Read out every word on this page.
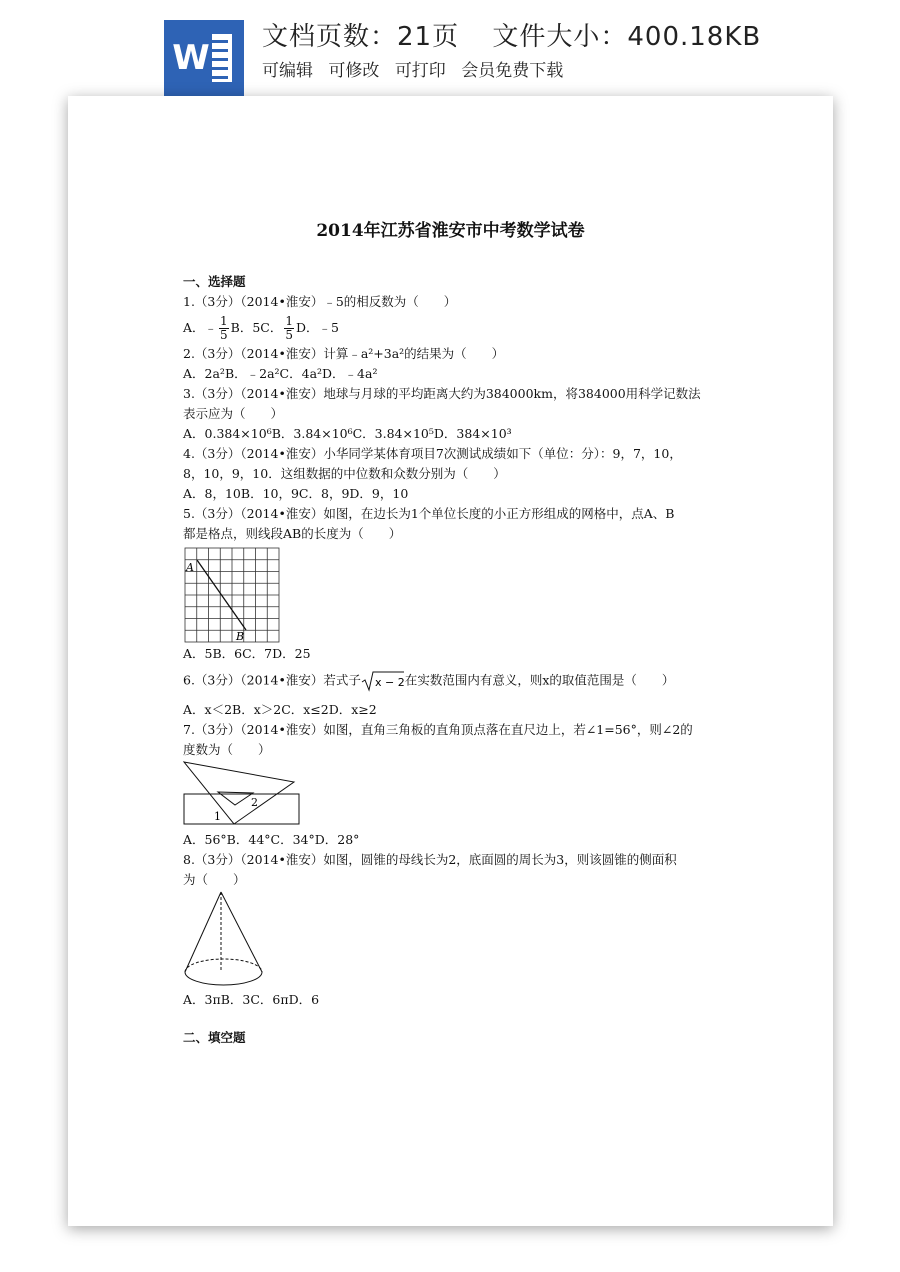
W
文档页数：21页 文件大小：400.18KB
可编辑 可修改 可打印 会员免费下载
2014年江苏省淮安市中考数学试卷
一、选择题
1.（3分）（2014•淮安）﹣5的相反数为（　　）
A．﹣ $\frac{1}{5}$ B．5C． $\frac{1}{5}$ D．﹣5
2.（3分）（2014•淮安）计算﹣a²+3a²的结果为（　　）
A．2a²B．﹣2a²C．4a²D．﹣4a²
3.（3分）（2014•淮安）地球与月球的平均距离大约为384000km，将384000用科学记数法
表示应为（　　）
A．0.384×10⁶B．3.84×10⁶C．3.84×10⁵D．384×10³
4.（3分）（2014•淮安）小华同学某体育项目7次测试成绩如下（单位：分）：9，7，10，
8，10，9，10．这组数据的中位数和众数分别为（　　）
A．8，10B．10，9C．8，9D．9，10
5.（3分）（2014•淮安）如图，在边长为1个单位长度的小正方形组成的网格中，点A、B
都是格点，则线段AB的长度为（　　）
A
B
A．5B．6C．7D．25
6.（3分）（2014•淮安）若式子 x − 2 在实数范围内有意义，则x的取值范围是（　　）
A．x＜2B．x＞2C．x≤2D．x≥2
7.（3分）（2014•淮安）如图，直角三角板的直角顶点落在直尺边上，若∠1=56°，则∠2的
度数为（　　）
1
2
A．56°B．44°C．34°D．28°
8.（3分）（2014•淮安）如图，圆锥的母线长为2，底面圆的周长为3，则该圆锥的侧面积
为（　　）
A．3πB．3C．6πD．6
二、填空题
